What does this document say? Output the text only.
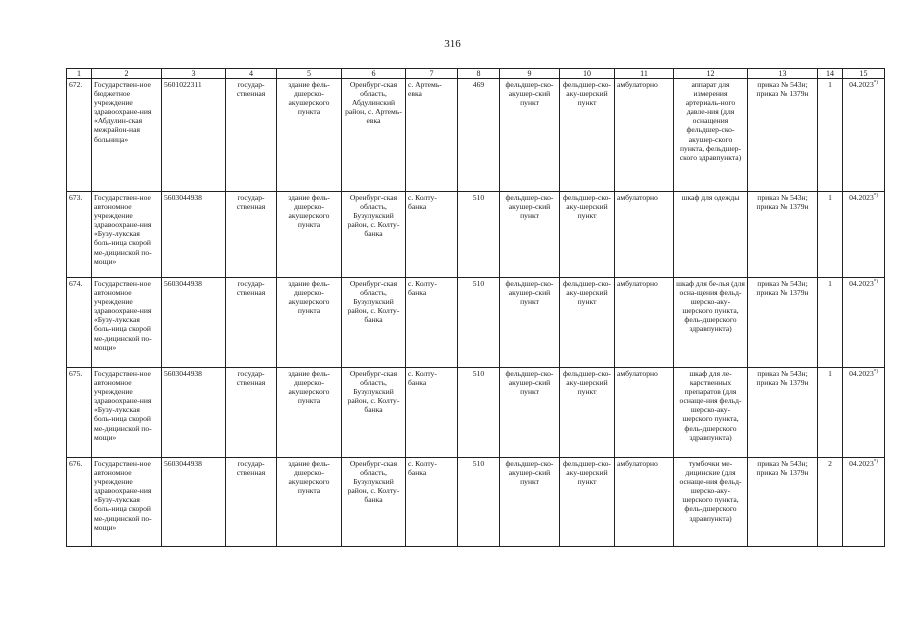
316
1	2	3	4	5	6	7	8	9	10	11	12	13	14	15
672.	Государствен-ное бюджетное учреждение здравоохране-ния «Абдулин-ская межрайон-ная больница»	5601022311	государ-ственная	здание фель-дшерско-акушерского пункта	Оренбург-ская область, Абдулинский район, с. Артемь-евка	с. Артемь-евка	469	фельдшер-ско-акушер-ский пункт	фельдшер-ско-аку-шерский пункт	амбулаторно	аппарат для измерения артериаль-ного давле-ния (для оснащения фельдшер-ско-акушер-ского пункта, фельдшер-ского здравпункта)	приказ № 543н; приказ № 1379н	1	04.2023*)
673.	Государствен-ное автономное учреждение здравоохране-ния «Бузу-лукская боль-ница скорой ме-дицинской по-мощи»	5603044938	государ-ственная	здание фель-дшерско-акушерского пункта	Оренбург-ская область, Бузулукский район, с. Колту-банка	с. Колту-банка	510	фельдшер-ско-акушер-ский пункт	фельдшер-ско-аку-шерский пункт	амбулаторно	шкаф для одежды	приказ № 543н; приказ № 1379н	1	04.2023*)
674.	Государствен-ное автономное учреждение здравоохране-ния «Бузу-лукская боль-ница скорой ме-дицинской по-мощи»	5603044938	государ-ственная	здание фель-дшерско-акушерского пункта	Оренбург-ская область, Бузулукский район, с. Колту-банка	с. Колту-банка	510	фельдшер-ско-акушер-ский пункт	фельдшер-ско-аку-шерский пункт	амбулаторно	шкаф для бе-лья (для осна-щения фельд-шерско-аку-шерского пункта, фель-дшерского здравпункта)	приказ № 543н; приказ № 1379н	1	04.2023*)
675.	Государствен-ное автономное учреждение здравоохране-ния «Бузу-лукская боль-ница скорой ме-дицинской по-мощи»	5603044938	государ-ственная	здание фель-дшерско-акушерского пункта	Оренбург-ская область, Бузулукский район, с. Колту-банка	с. Колту-банка	510	фельдшер-ско-акушер-ский пункт	фельдшер-ско-аку-шерский пункт	амбулаторно	шкаф для ле-карственных препаратов (для оснаще-ния фельд-шерско-аку-шерского пункта, фель-дшерского здравпункта)	приказ № 543н; приказ № 1379н	1	04.2023*)
676.	Государствен-ное автономное учреждение здравоохране-ния «Бузу-лукская боль-ница скорой ме-дицинской по-мощи»	5603044938	государ-ственная	здание фель-дшерско-акушерского пункта	Оренбург-ская область, Бузулукский район, с. Колту-банка	с. Колту-банка	510	фельдшер-ско-акушер-ский пункт	фельдшер-ско-аку-шерский пункт	амбулаторно	тумбочки ме-дицинские (для оснаще-ния фельд-шерско-аку-шерского пункта, фель-дшерского здравпункта)	приказ № 543н; приказ № 1379н	2	04.2023*)
